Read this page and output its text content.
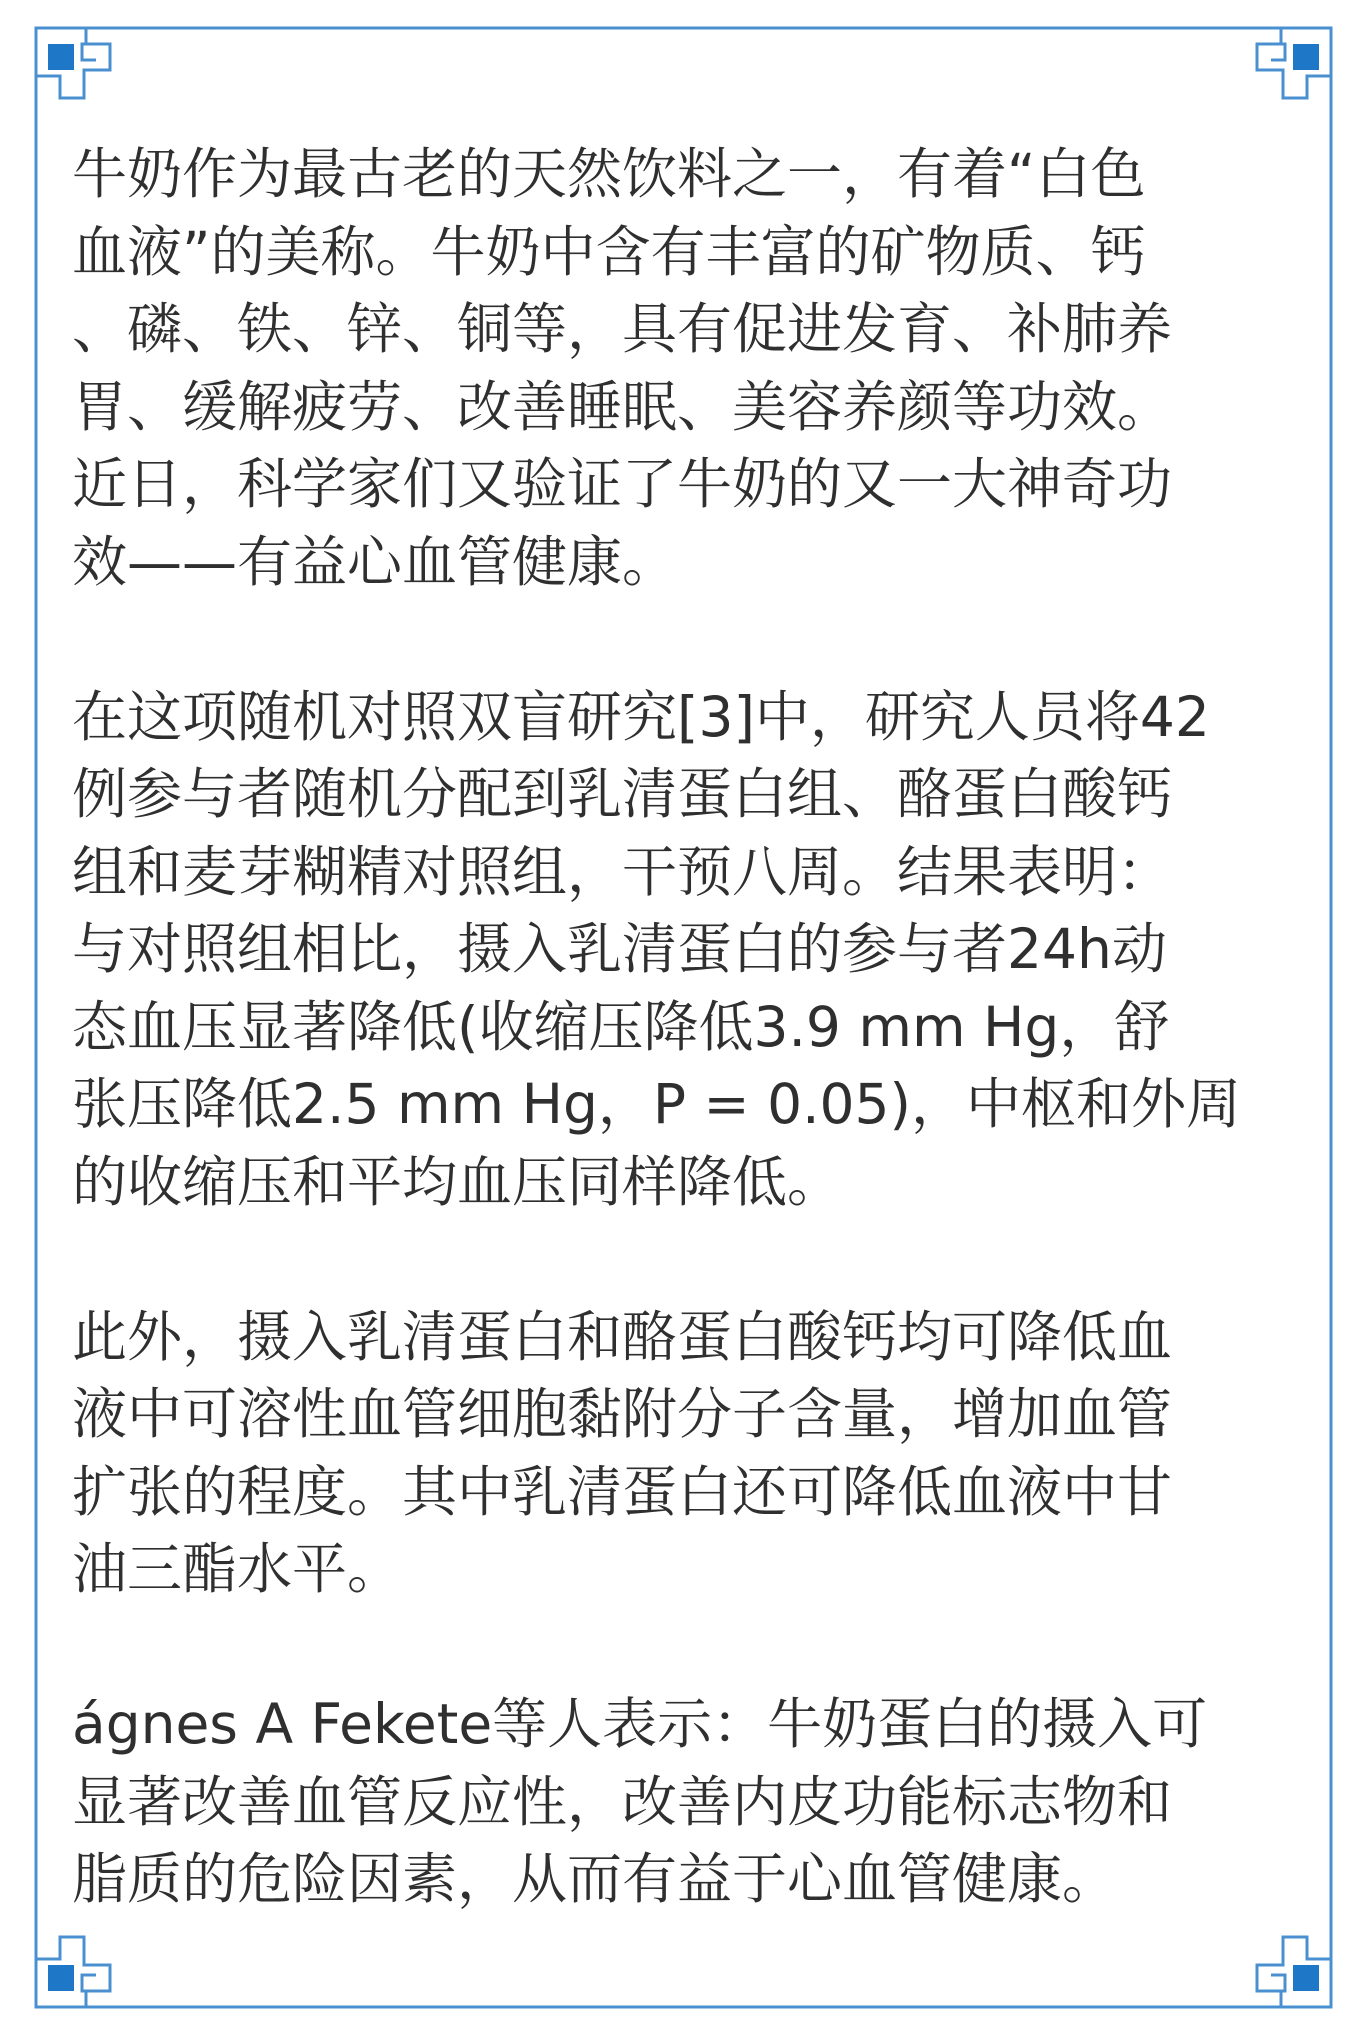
牛奶作为最古老的天然饮料之一，有着“白色
血液”的美称。牛奶中含有丰富的矿物质、钙
、磷、铁、锌、铜等，具有促进发育、补肺养
胃、缓解疲劳、改善睡眠、美容养颜等功效。
近日，科学家们又验证了牛奶的又一大神奇功
效——有益心血管健康。

在这项随机对照双盲研究[3]中，研究人员将42
例参与者随机分配到乳清蛋白组、酪蛋白酸钙
组和麦芽糊精对照组，干预八周。结果表明：
与对照组相比，摄入乳清蛋白的参与者24h动
态血压显著降低(收缩压降低3.9 mm Hg，舒
张压降低2.5 mm Hg，P = 0.05)，中枢和外周
的收缩压和平均血压同样降低。

此外，摄入乳清蛋白和酪蛋白酸钙均可降低血
液中可溶性血管细胞黏附分子含量，增加血管
扩张的程度。其中乳清蛋白还可降低血液中甘
油三酯水平。

ágnes A Fekete等人表示：牛奶蛋白的摄入可
显著改善血管反应性，改善内皮功能标志物和
脂质的危险因素，从而有益于心血管健康。
